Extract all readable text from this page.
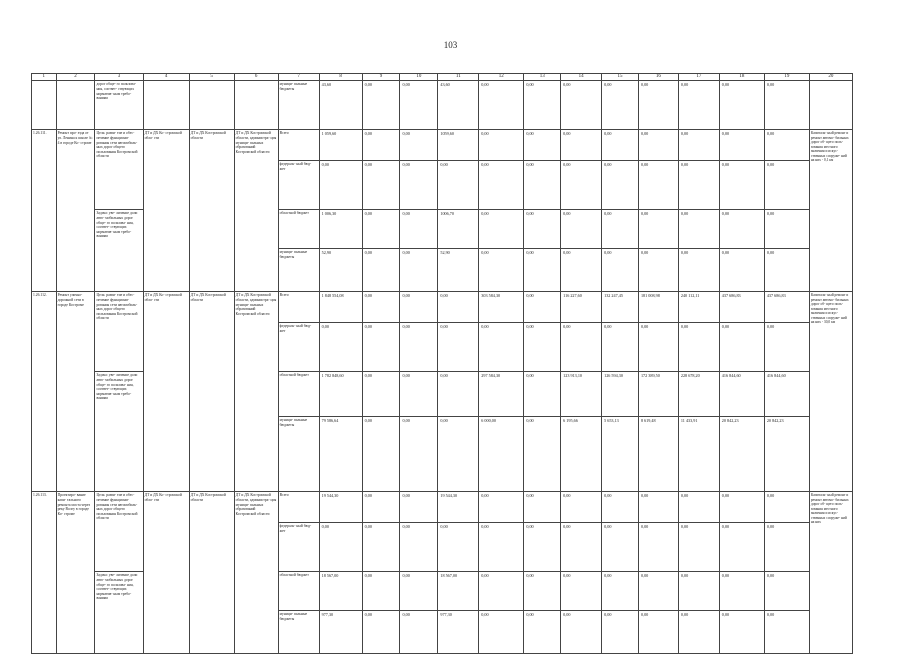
103
1	2	3	4	5	6	7	8	9	10	11	12	13	14	15	16	17	18	19	20
		дорог обще- го пользова- ния, соответ- ствующих норматив- ным требо- ваниям				муници- пальные бюджеты	43,60	0,00	0,00	43,60	0,00	0,00	0,00	0,00	0,00	0,00	0,00	0,00	
1.26.111.	Ремонт про- езда от ул. Ленина к школе № 4 в городе Ко- строме	Цель: разви- тие и обес- печение функциони- рования сети автомобиль- ных дорог общего пользования Костромской области	ДТ и ДХ Ко- стромской обла- сти	ДТ и ДХ Костромской области	ДТ и ДХ Костромской области, администра- ция муници- пальных образований Костромской области	Всего	1 059,60	0,00	0,00	1059,60	0,00	0,00	0,00	0,00	0,00	0,00	0,00	0,00	Капиталь- ный ремонт и ремонт автомо- бильных дорог об- щего поль- зования местного значения и искус- ственных сооруже- ний на них - 0,1 км
						федераль- ный бюд- жет	0,00	0,00	0,00	0,00	0,00	0,00	0,00	0,00	0,00	0,00	0,00	0,00	
		Задача: уве- личение доли авто- мобильных дорог обще- го пользова- ния, соответ- ствующих норматив- ным требо- ваниям				областной бюджет	1 006,30	0,00	0,00	1006,70	0,00	0,00	0,00	0,00	0,00	0,00	0,00	0,00	
						муници- пальные бюджеты	52,90	0,00	0,00	52,90	0,00	0,00	0,00	0,00	0,00	0,00	0,00	0,00	
1.26.112.	Ремонт улично- дорожной сети в городе Костроме	Цель: разви- тие и обес- печение функциони- рования сети автомобиль- ных дорог общего пользования Костромской области	ДТ и ДХ Ко- стромской обла- сти	ДТ и ДХ Костромской области	ДТ и ДХ Костромской области, администра- ция муници- пальных образований Костромской области	Всего	1 848 554,08	0,00	0,00	0,00	303 584,30	0,00	116 227,60	132 247,45	181 008,98	240 112,11	437 686,83	437 686,83	Капиталь- ный ремонт и ремонт автомо- бильных дорог об- щего поль- зования местного значения и искус- ственных сооруже- ний на них - 30,0 км
						федераль- ный бюд- жет	0,00	0,00	0,00	0,00	0,00	0,00	0,00	0,00	0,00	0,00	0,00	0,00	
		Задача: уве- личение доли авто- мобильных дорог обще- го пользова- ния, соответ- ствующих норматив- ным требо- ваниям				областной бюджет	1 782 848,60	0,00	0,00	0,00	297 584,30	0,00	123 913,10	126 594,30	172 389,50	228 678,20	416 844,60	416 844,60	
						муници- пальные бюджеты	79 586,64	0,00	0,00	0,00	6 000,00	0,00	6 195,66	5 653,13	8 619,48	11 433,91	20 842,23	20 842,23	
1.26.113.	Проектиро- вание капи- тального ремонта моста через реку Волгу в городе Ко- строме	Цель: разви- тие и обес- печение функциони- рования сети автомобиль- ных дорог общего пользования Костромской области	ДТ и ДХ Ко- стромской обла- сти	ДТ и ДХ Костромской области	ДТ и ДХ Костромской области, администра- ция муници- пальных образований Костромской области	Всего	19 544,30	0,00	0,00	19 544,30	0,00	0,00	0,00	0,00	0,00	0,00	0,00	0,00	Капиталь- ный ремонт и ремонт автомо- бильных дорог об- щего поль- зования местного значения и искус- ственных сооруже- ний на них
						федераль- ный бюд- жет	0,00	0,00	0,00	0,00	0,00	0,00	0,00	0,00	0,00	0,00	0,00	0,00	
		Задача: уве- личение доли авто- мобильных дорог обще- го пользова- ния, соответ- ствующих норматив- ным требо- ваниям				областной бюджет	18 567,00	0,00	0,00	18 567,00	0,00	0,00	0,00	0,00	0,00	0,00	0,00	0,00	
						муници- пальные бюджеты	977,30	0,00	0,00	977,30	0,00	0,00	0,00	0,00	0,00	0,00	0,00	0,00	
